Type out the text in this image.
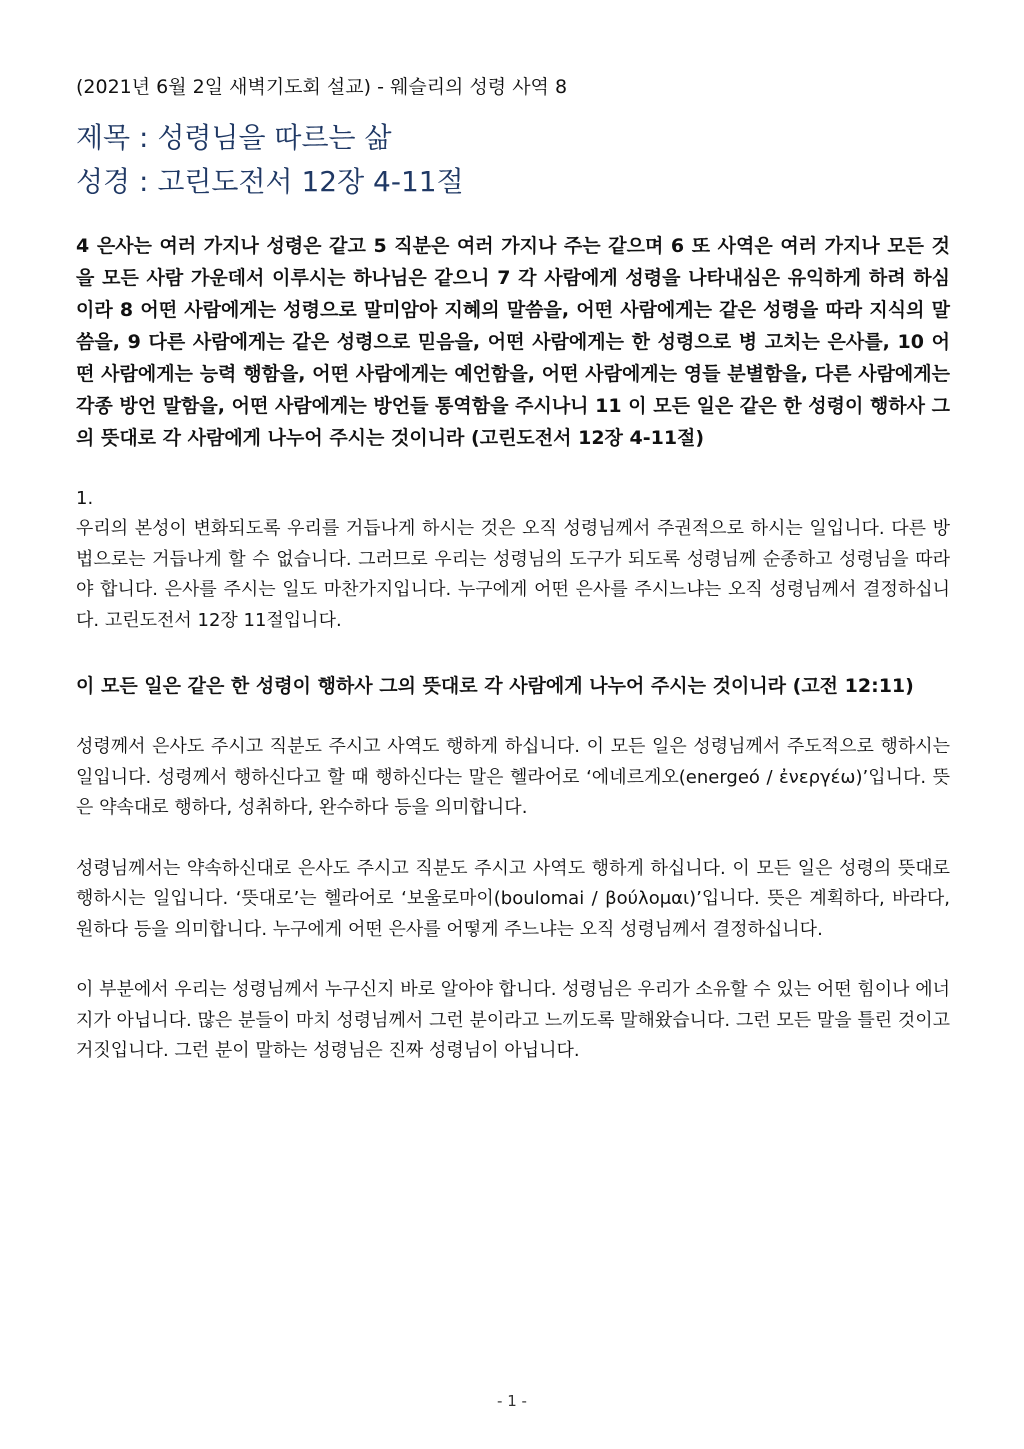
(2021년 6월 2일 새벽기도회 설교) - 웨슬리의 성령 사역 8

제목 : 성령님을 따르는 삶

성경 : 고린도전서 12장 4-11절

4 은사는 여러 가지나 성령은 같고 5 직분은 여러 가지나 주는 같으며 6 또 사역은 여러 가지나 모든 것을 모든 사람 가운데서 이루시는 하나님은 같으니 7 각 사람에게 성령을 나타내심은 유익하게 하려 하심이라 8 어떤 사람에게는 성령으로 말미암아 지혜의 말씀을, 어떤 사람에게는 같은 성령을 따라 지식의 말씀을, 9 다른 사람에게는 같은 성령으로 믿음을, 어떤 사람에게는 한 성령으로 병 고치는 은사를, 10 어떤 사람에게는 능력 행함을, 어떤 사람에게는 예언함을, 어떤 사람에게는 영들 분별함을, 다른 사람에게는 각종 방언 말함을, 어떤 사람에게는 방언들 통역함을 주시나니 11 이 모든 일은 같은 한 성령이 행하사 그의 뜻대로 각 사람에게 나누어 주시는 것이니라 (고린도전서 12장 4-11절)

1.

우리의 본성이 변화되도록 우리를 거듭나게 하시는 것은 오직 성령님께서 주권적으로 하시는 일입니다. 다른 방법으로는 거듭나게 할 수 없습니다. 그러므로 우리는 성령님의 도구가 되도록 성령님께 순종하고 성령님을 따라야 합니다. 은사를 주시는 일도 마찬가지입니다. 누구에게 어떤 은사를 주시느냐는 오직 성령님께서 결정하십니다. 고린도전서 12장 11절입니다.

이 모든 일은 같은 한 성령이 행하사 그의 뜻대로 각 사람에게 나누어 주시는 것이니라 (고전 12:11)

성령께서 은사도 주시고 직분도 주시고 사역도 행하게 하십니다. 이 모든 일은 성령님께서 주도적으로 행하시는 일입니다. 성령께서 행하신다고 할 때 행하신다는 말은 헬라어로 ‘에네르게오(energeó / ἐνεργέω)’입니다. 뜻은 약속대로 행하다, 성취하다, 완수하다 등을 의미합니다.

성령님께서는 약속하신대로 은사도 주시고 직분도 주시고 사역도 행하게 하십니다. 이 모든 일은 성령의 뜻대로 행하시는 일입니다. ‘뜻대로’는 헬라어로 ‘보울로마이(boulomai / βούλομαι)’입니다. 뜻은 계획하다, 바라다, 원하다 등을 의미합니다. 누구에게 어떤 은사를 어떻게 주느냐는 오직 성령님께서 결정하십니다.

이 부분에서 우리는 성령님께서 누구신지 바로 알아야 합니다. 성령님은 우리가 소유할 수 있는 어떤 힘이나 에너지가 아닙니다. 많은 분들이 마치 성령님께서 그런 분이라고 느끼도록 말해왔습니다. 그런 모든 말을 틀린 것이고 거짓입니다. 그런 분이 말하는 성령님은 진짜 성령님이 아닙니다.

- 1 -
